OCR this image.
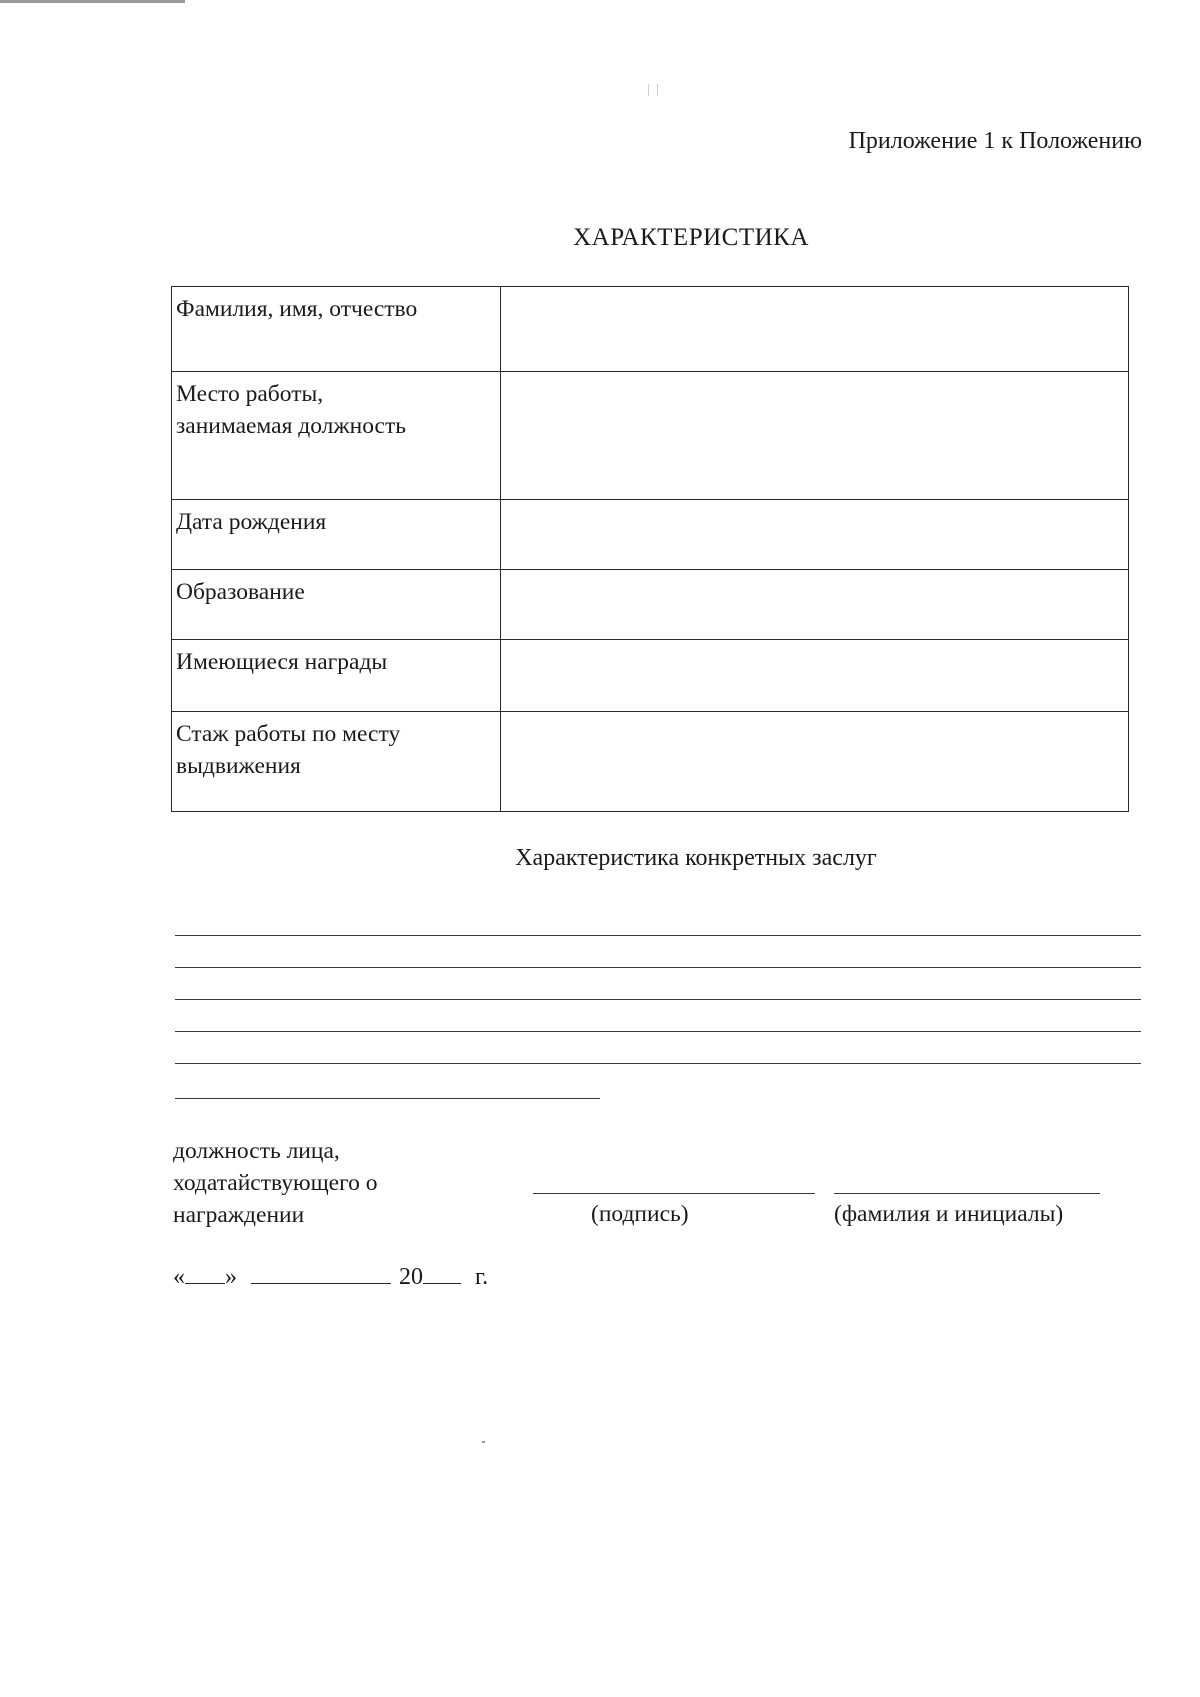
Приложение 1 к Положению
ХАРАКТЕРИСТИКА
Фамилия, имя, отчество	
Место работы,
занимаемая должность	
Дата рождения	
Образование	
Имеющиеся награды	
Стаж работы по месту
выдвижения	
Характеристика конкретных заслуг
должность лица,
ходатайствующего о
награждении	(подпись)	(фамилия и инициалы)
« »	20 г.
